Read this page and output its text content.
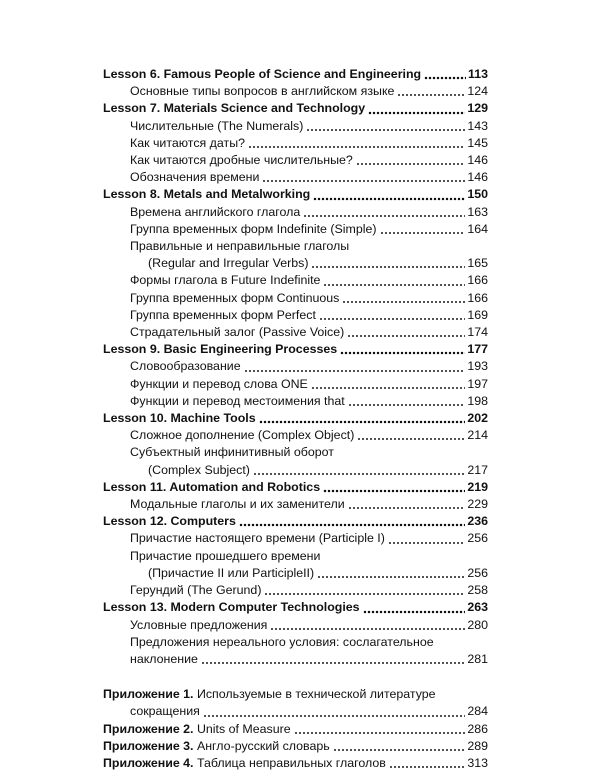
Lesson 6. Famous People of Science and Engineering	113
Основные типы вопросов в английском языке	124
Lesson 7. Materials Science and Technology	129
Числительные (The Numerals)	143
Как читаются даты?	145
Как читаются дробные числительные?	146
Обозначения времени	146
Lesson 8. Metals and Metalworking	150
Времена английского глагола	163
Группа временных форм Indefinite (Simple)	164
Правильные и неправильные глаголы
(Regular and Irregular Verbs)	165
Формы глагола в Future Indefinite	166
Группа временных форм Continuous	166
Группа временных форм Perfect	169
Страдательный залог (Passive Voice)	174
Lesson 9. Basic Engineering Processes	177
Словообразование	193
Функции и перевод слова ONE	197
Функции и перевод местоимения that	198
Lesson 10. Machine Tools	202
Сложное дополнение (Complex Object)	214
Субъектный инфинитивный оборот
(Complex Subject)	217
Lesson 11. Automation and Robotics	219
Модальные глаголы и их заменители	229
Lesson 12. Computers	236
Причастие настоящего времени (Participle I)	256
Причастие прошедшего времени
(Причастие II или ParticipleII)	256
Герундий (The Gerund)	258
Lesson 13. Modern Computer Technologies	263
Условные предложения	280
Предложения нереального условия: сослагательное
наклонение	281
Приложение 1. Используемые в технической литературе
сокращения	284
Приложение 2. Units of Measure	286
Приложение 3. Англо-русский словарь	289
Приложение 4. Таблица неправильных глаголов	313
